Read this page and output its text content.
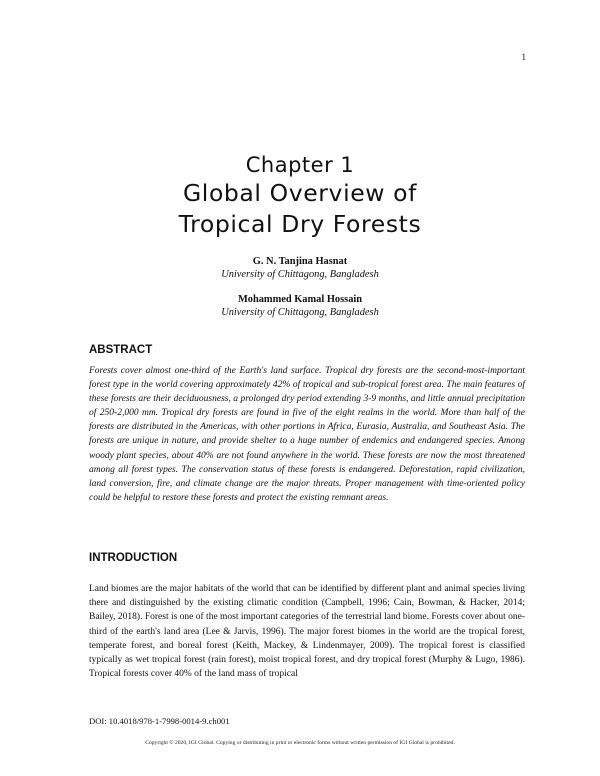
1
Chapter 1
Global Overview of
Tropical Dry Forests
G. N. Tanjina Hasnat
University of Chittagong, Bangladesh
Mohammed Kamal Hossain
University of Chittagong, Bangladesh
ABSTRACT
Forests cover almost one-third of the Earth's land surface. Tropical dry forests are the second-most-important forest type in the world covering approximately 42% of tropical and sub-tropical forest area. The main features of these forests are their deciduousness, a prolonged dry period extending 3-9 months, and little annual precipitation of 250-2,000 mm. Tropical dry forests are found in five of the eight realms in the world. More than half of the forests are distributed in the Americas, with other portions in Africa, Eurasia, Australia, and Southeast Asia. The forests are unique in nature, and provide shelter to a huge number of endemics and endangered species. Among woody plant species, about 40% are not found anywhere in the world. These forests are now the most threatened among all forest types. The conservation status of these forests is endangered. Deforestation, rapid civilization, land conversion, fire, and climate change are the major threats. Proper management with time-oriented policy could be helpful to restore these forests and protect the existing remnant areas.
INTRODUCTION
Land biomes are the major habitats of the world that can be identified by different plant and animal species living there and distinguished by the existing climatic condition (Campbell, 1996; Cain, Bowman, & Hacker, 2014; Bailey, 2018). Forest is one of the most important categories of the terrestrial land biome. Forests cover about one-third of the earth's land area (Lee & Jarvis, 1996). The major forest biomes in the world are the tropical forest, temperate forest, and boreal forest (Keith, Mackey, & Lindenmayer, 2009). The tropical forest is classified typically as wet tropical forest (rain forest), moist tropical forest, and dry tropical forest (Murphy & Lugo, 1986). Tropical forests cover 40% of the land mass of tropical
DOI: 10.4018/978-1-7998-0014-9.ch001
Copyright © 2020, IGI Global. Copying or distributing in print or electronic forms without written permission of IGI Global is prohibited.
